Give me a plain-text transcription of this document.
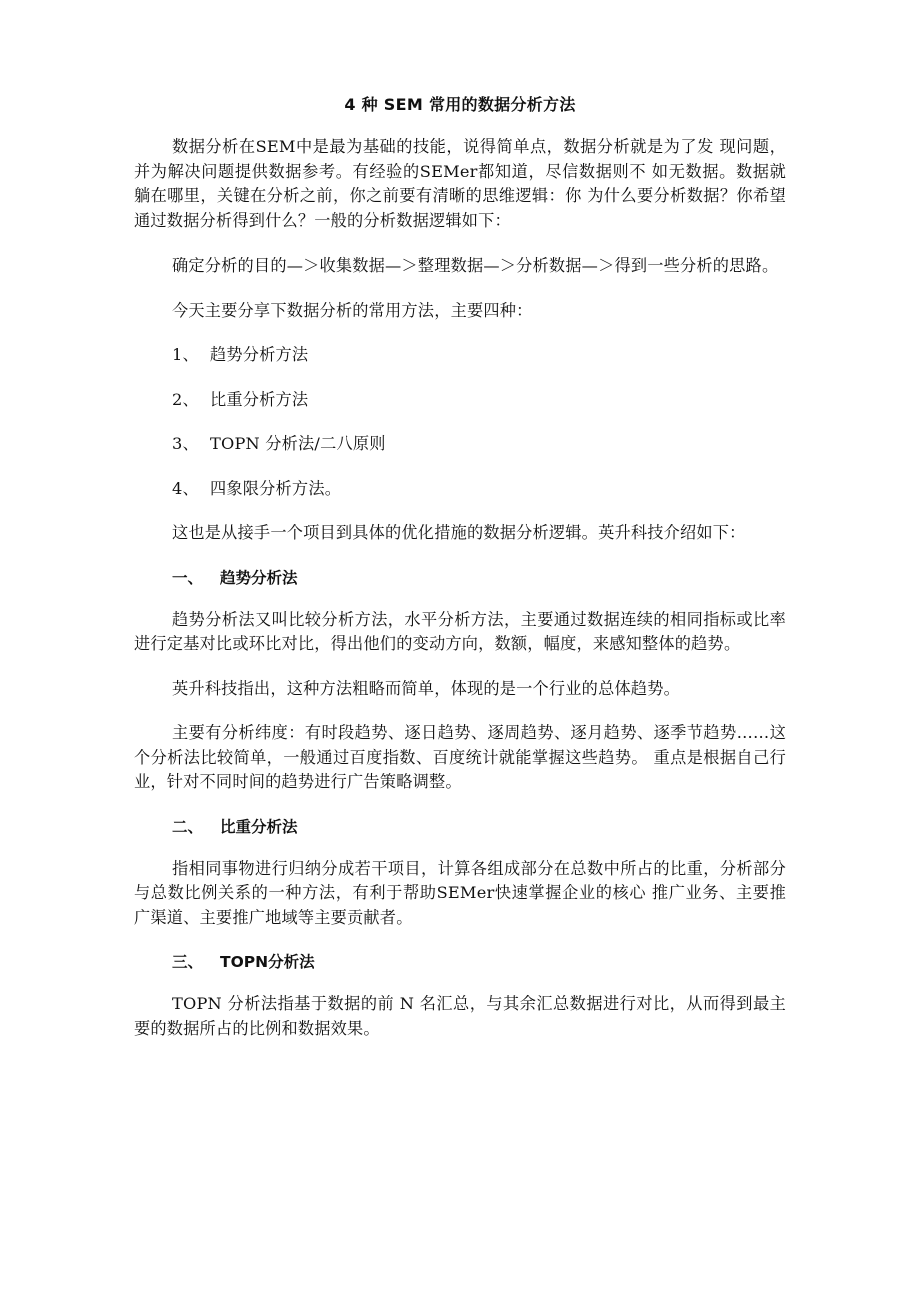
4 种 SEM 常用的数据分析方法

数据分析在SEM中是最为基础的技能，说得简单点，数据分析就是为了发 现问题，并为解决问题提供数据参考。有经验的SEMer都知道，尽信数据则不 如无数据。数据就躺在哪里，关键在分析之前，你之前要有清晰的思维逻辑：你 为什么要分析数据？你希望通过数据分析得到什么？一般的分析数据逻辑如下：

确定分析的目的—＞收集数据—＞整理数据—＞分析数据—＞得到一些分析的思路。

今天主要分享下数据分析的常用方法，主要四种：

1、 趋势分析方法

2、 比重分析方法

3、 TOPN 分析法/二八原则

4、 四象限分析方法。

这也是从接手一个项目到具体的优化措施的数据分析逻辑。英升科技介绍如下：

一、 趋势分析法

趋势分析法又叫比较分析方法，水平分析方法，主要通过数据连续的相同指标或比率进行定基对比或环比对比，得出他们的变动方向，数额，幅度，来感知整体的趋势。

英升科技指出，这种方法粗略而简单，体现的是一个行业的总体趋势。

主要有分析纬度：有时段趋势、逐日趋势、逐周趋势、逐月趋势、逐季节趋势……这个分析法比较简单，一般通过百度指数、百度统计就能掌握这些趋势。 重点是根据自己行业，针对不同时间的趋势进行广告策略调整。

二、 比重分析法

指相同事物进行归纳分成若干项目，计算各组成部分在总数中所占的比重，分析部分与总数比例关系的一种方法，有利于帮助SEMer快速掌握企业的核心 推广业务、主要推广渠道、主要推广地域等主要贡献者。

三、 TOPN分析法

TOPN 分析法指基于数据的前 N 名汇总，与其余汇总数据进行对比，从而得到最主要的数据所占的比例和数据效果。
